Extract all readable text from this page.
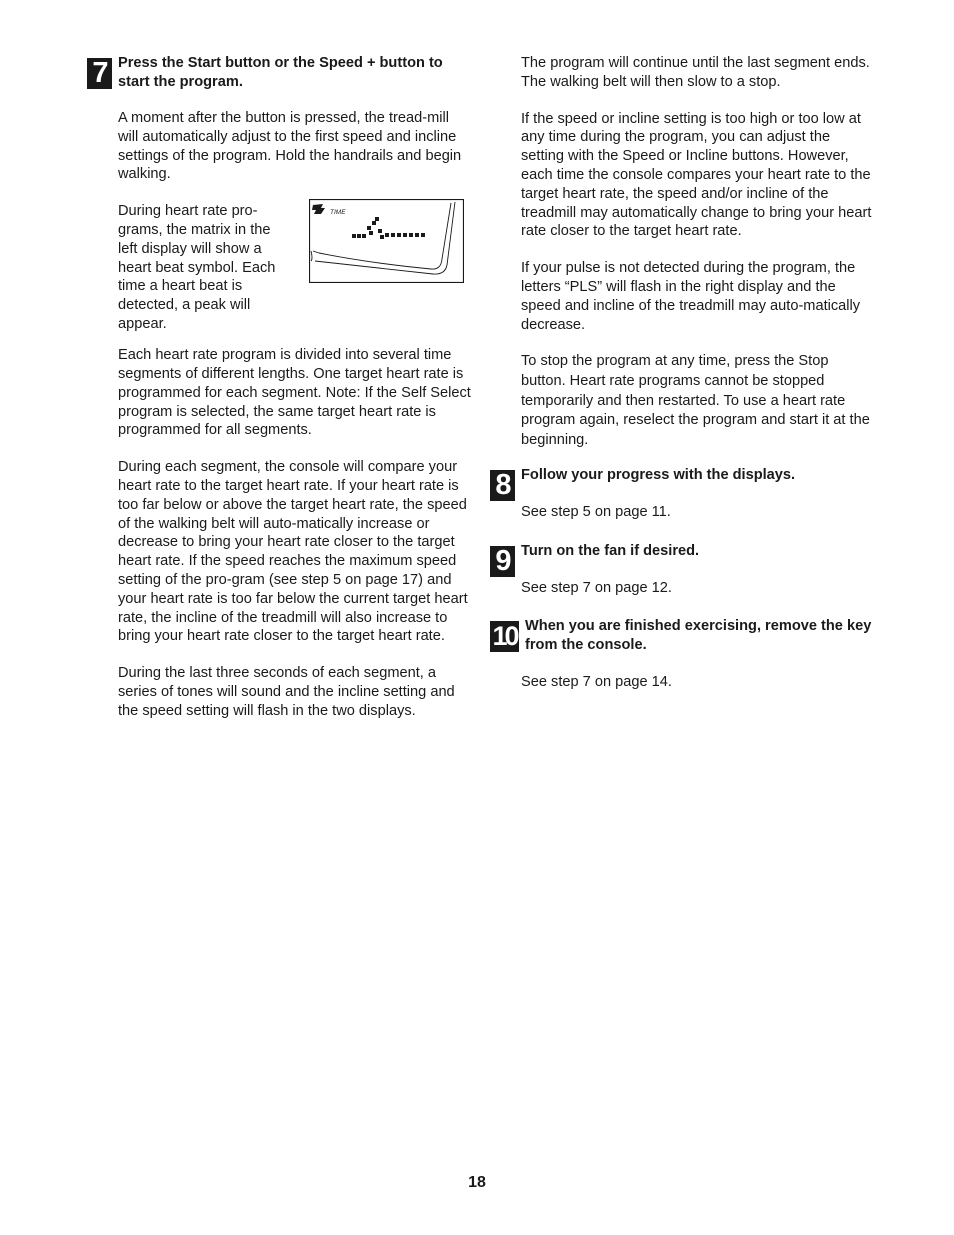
7 Press the Start button or the Speed + button to start the program.

A moment after the button is pressed, the tread-mill will automatically adjust to the first speed and incline settings of the program. Hold the handrails and begin walking.

During heart rate pro-grams, the matrix in the left display will show a heart beat symbol. Each time a heart beat is detected, a peak will appear.

TIME

Each heart rate program is divided into several time segments of different lengths. One target heart rate is programmed for each segment. Note: If the Self Select program is selected, the same target heart rate is programmed for all segments.

During each segment, the console will compare your heart rate to the target heart rate. If your heart rate is too far below or above the target heart rate, the speed of the walking belt will auto-matically increase or decrease to bring your heart rate closer to the target heart rate. If the speed reaches the maximum speed setting of the pro-gram (see step 5 on page 17) and your heart rate is too far below the current target heart rate, the incline of the treadmill will also increase to bring your heart rate closer to the target heart rate.

During the last three seconds of each segment, a series of tones will sound and the incline setting and the speed setting will flash in the two displays.

The program will continue until the last segment ends. The walking belt will then slow to a stop.

If the speed or incline setting is too high or too low at any time during the program, you can adjust the setting with the Speed or Incline buttons. However, each time the console compares your heart rate to the target heart rate, the speed and/or incline of the treadmill may automatically change to bring your heart rate closer to the target heart rate.

If your pulse is not detected during the program, the letters “PLS” will flash in the right display and the speed and incline of the treadmill may auto-matically decrease.

To stop the program at any time, press the Stop button. Heart rate programs cannot be stopped temporarily and then restarted. To use a heart rate program again, reselect the program and start it at the beginning.

8 Follow your progress with the displays.

See step 5 on page 11.

9 Turn on the fan if desired.

See step 7 on page 12.

10 When you are finished exercising, remove the key from the console.

See step 7 on page 14.

18
